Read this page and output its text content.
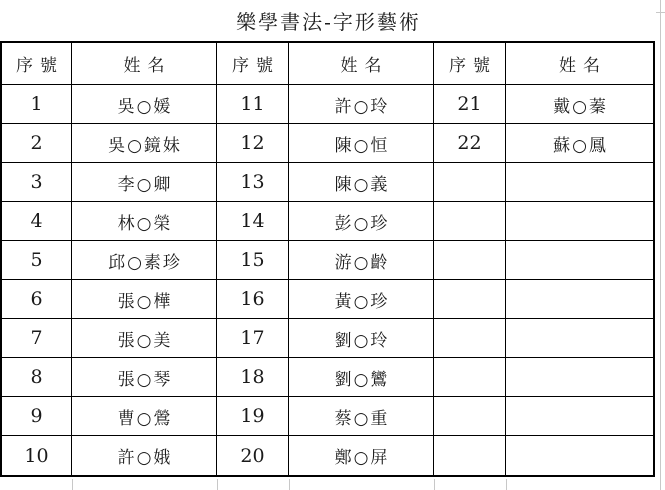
樂學書法-字形藝術
序號	姓名	序號	姓名	序號	姓名
1	吳○媛	11	許○玲	21	戴○蓁
2	吳○鏡妹	12	陳○恒	22	蘇○鳳
3	李○卿	13	陳○義
4	林○榮	14	彭○珍
5	邱○素珍	15	游○齡
6	張○樺	16	黃○珍
7	張○美	17	劉○玲
8	張○琴	18	劉○鸞
9	曹○鶯	19	蔡○重
10	許○娥	20	鄭○屏
